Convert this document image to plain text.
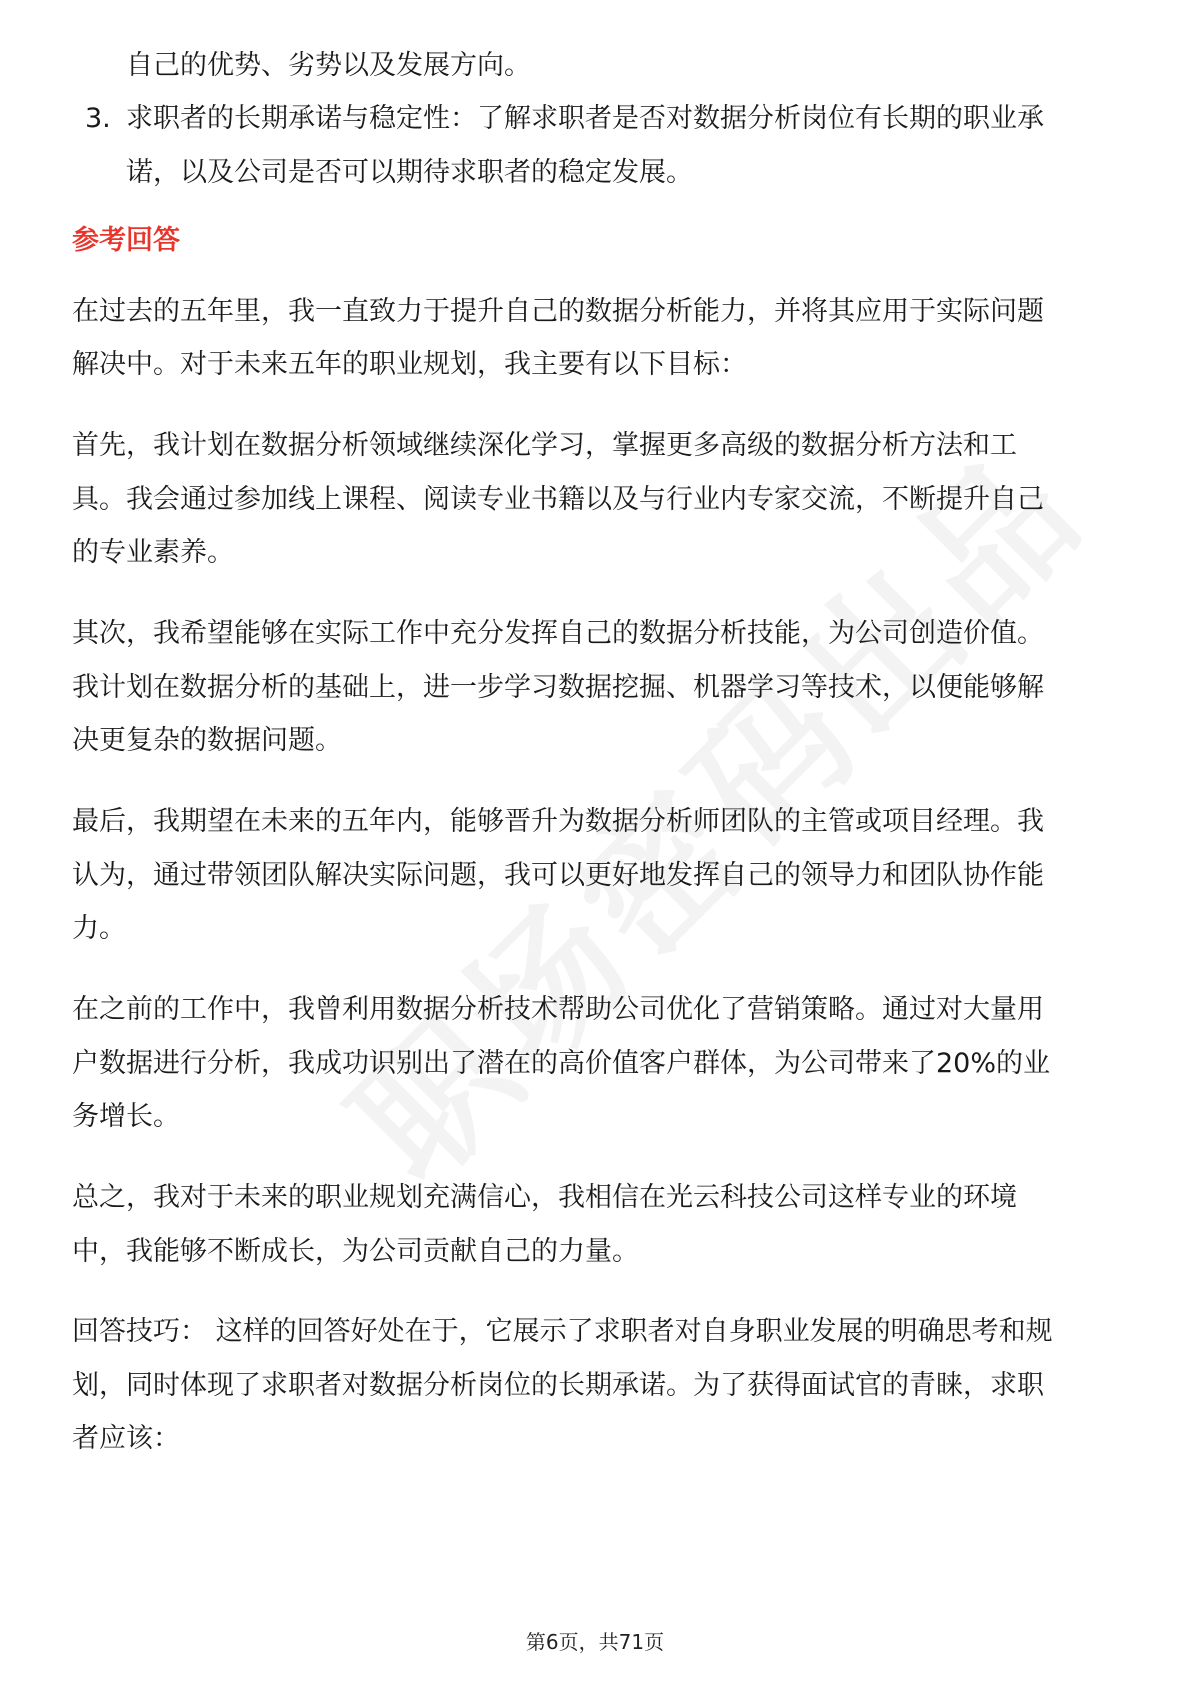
自己的优势、劣势以及发展方向。
3. 求职者的长期承诺与稳定性：了解求职者是否对数据分析岗位有长期的职业承
诺，以及公司是否可以期待求职者的稳定发展。
参考回答
在过去的五年里，我一直致力于提升自己的数据分析能力，并将其应用于实际问题
解决中。对于未来五年的职业规划，我主要有以下目标：
首先，我计划在数据分析领域继续深化学习，掌握更多高级的数据分析方法和工
具。我会通过参加线上课程、阅读专业书籍以及与行业内专家交流，不断提升自己
的专业素养。
其次，我希望能够在实际工作中充分发挥自己的数据分析技能，为公司创造价值。
我计划在数据分析的基础上，进一步学习数据挖掘、机器学习等技术，以便能够解
决更复杂的数据问题。
最后，我期望在未来的五年内，能够晋升为数据分析师团队的主管或项目经理。我
认为，通过带领团队解决实际问题，我可以更好地发挥自己的领导力和团队协作能
力。
在之前的工作中，我曾利用数据分析技术帮助公司优化了营销策略。通过对大量用
户数据进行分析，我成功识别出了潜在的高价值客户群体，为公司带来了20%的业
务增长。
总之，我对于未来的职业规划充满信心，我相信在光云科技公司这样专业的环境
中，我能够不断成长，为公司贡献自己的力量。
回答技巧： 这样的回答好处在于，它展示了求职者对自身职业发展的明确思考和规
划，同时体现了求职者对数据分析岗位的长期承诺。为了获得面试官的青睐，求职
者应该：
第6页，共71页
